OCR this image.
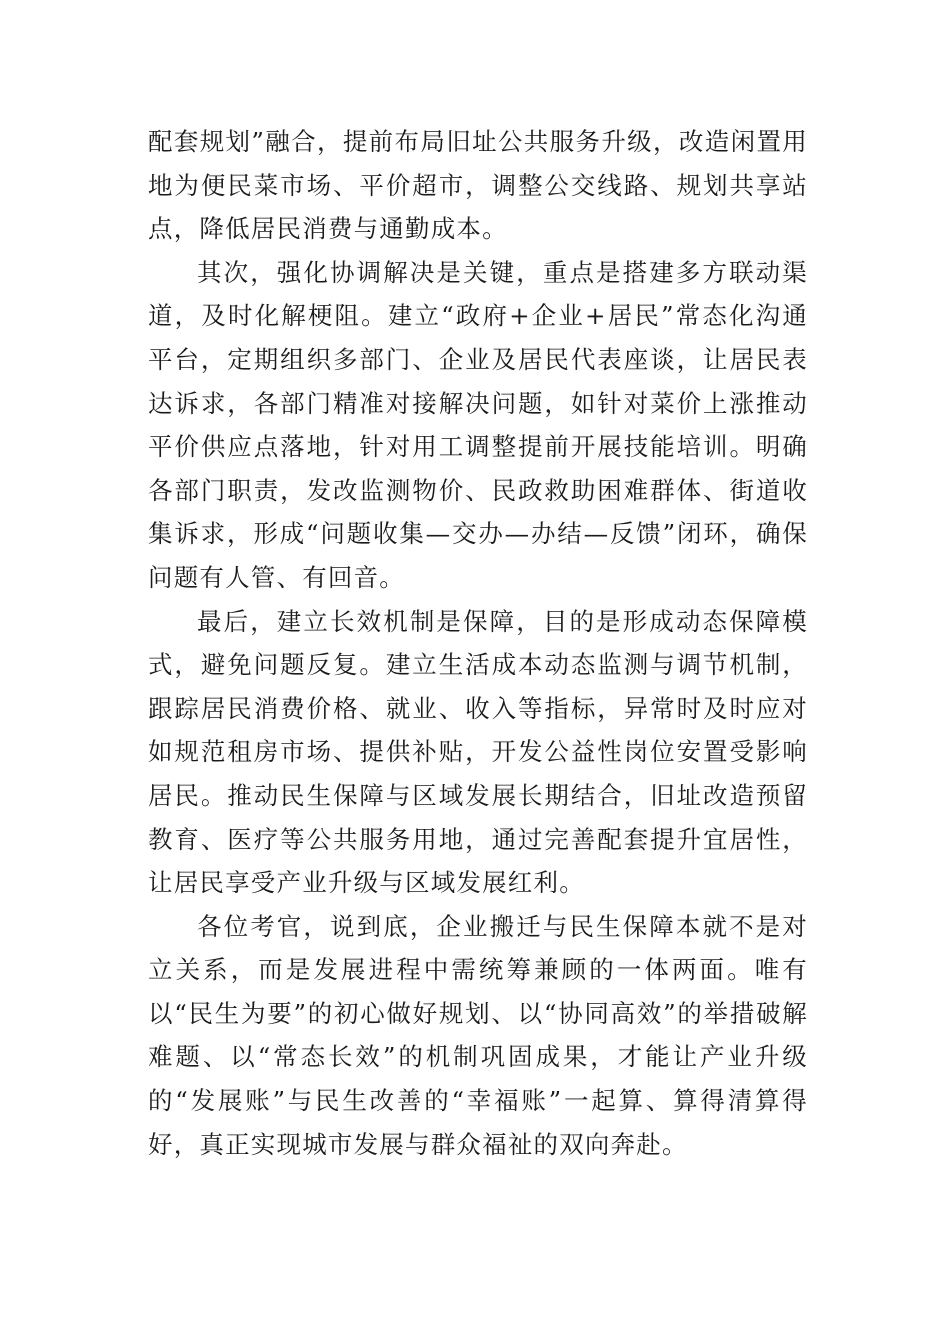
配套规划”融合，提前布局旧址公共服务升级，改造闲置用地为便民菜市场、平价超市，调整公交线路、规划共享站点，降低居民消费与通勤成本。

其次，强化协调解决是关键，重点是搭建多方联动渠道，及时化解梗阻。建立“政府+企业+居民”常态化沟通平台，定期组织多部门、企业及居民代表座谈，让居民表达诉求，各部门精准对接解决问题，如针对菜价上涨推动平价供应点落地，针对用工调整提前开展技能培训。明确各部门职责，发改监测物价、民政救助困难群体、街道收集诉求，形成“问题收集—交办—办结—反馈”闭环，确保问题有人管、有回音。

最后，建立长效机制是保障，目的是形成动态保障模式，避免问题反复。建立生活成本动态监测与调节机制，跟踪居民消费价格、就业、收入等指标，异常时及时应对如规范租房市场、提供补贴，开发公益性岗位安置受影响居民。推动民生保障与区域发展长期结合，旧址改造预留教育、医疗等公共服务用地，通过完善配套提升宜居性，让居民享受产业升级与区域发展红利。

各位考官，说到底，企业搬迁与民生保障本就不是对立关系，而是发展进程中需统筹兼顾的一体两面。唯有以“民生为要”的初心做好规划、以“协同高效”的举措破解难题、以“常态长效”的机制巩固成果，才能让产业升级的“发展账”与民生改善的“幸福账”一起算、算得清算得好，真正实现城市发展与群众福祉的双向奔赴。
